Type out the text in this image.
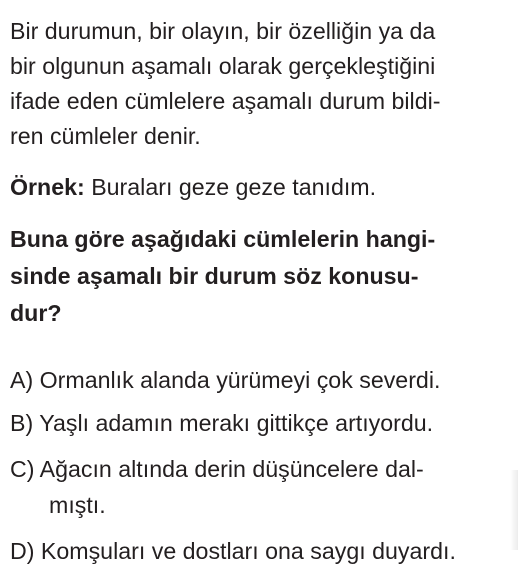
Bir durumun, bir olayın, bir özelliğin ya da
bir olgunun aşamalı olarak gerçekleştiğini
ifade eden cümlelere aşamalı durum bildi-
ren cümleler denir.
Örnek: Buraları geze geze tanıdım.
Buna göre aşağıdaki cümlelerin hangi-
sinde aşamalı bir durum söz konusu-
dur?
A) Ormanlık alanda yürümeyi çok severdi.
B) Yaşlı adamın merakı gittikçe artıyordu.
C) Ağacın altında derin düşüncelere dal-
mıştı.
D) Komşuları ve dostları ona saygı duyardı.
